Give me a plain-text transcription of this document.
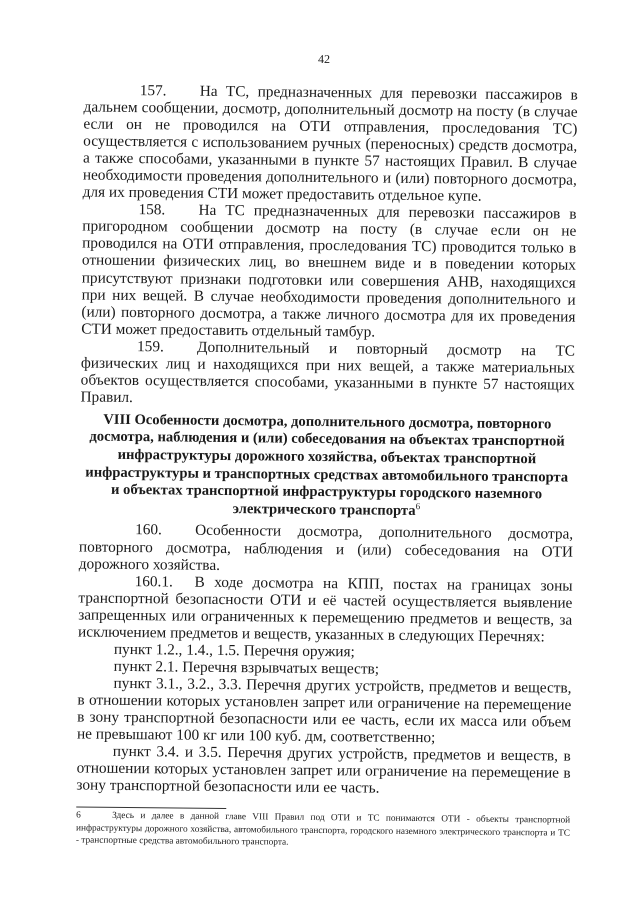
42

157. На ТС, предназначенных для перевозки пассажиров в дальнем сообщении, досмотр, дополнительный досмотр на посту (в случае если он не проводился на ОТИ отправления, проследования ТС) осуществляется с использованием ручных (переносных) средств досмотра, а также способами, указанными в пункте 57 настоящих Правил. В случае необходимости проведения дополнительного и (или) повторного досмотра, для их проведения СТИ может предоставить отдельное купе.

158. На ТС предназначенных для перевозки пассажиров в пригородном сообщении досмотр на посту (в случае если он не проводился на ОТИ отправления, проследования ТС) проводится только в отношении физических лиц, во внешнем виде и в поведении которых присутствуют признаки подготовки или совершения АНВ, находящихся при них вещей. В случае необходимости проведения дополнительного и (или) повторного досмотра, а также личного досмотра для их проведения СТИ может предоставить отдельный тамбур.

159. Дополнительный и повторный досмотр на ТС физических лиц и находящихся при них вещей, а также материальных объектов осуществляется способами, указанными в пункте 57 настоящих Правил.

VIII Особенности досмотра, дополнительного досмотра, повторного досмотра, наблюдения и (или) собеседования на объектах транспортной инфраструктуры дорожного хозяйства, объектах транспортной инфраструктуры и транспортных средствах автомобильного транспорта и объектах транспортной инфраструктуры городского наземного электрического транспорта$^6$

160. Особенности досмотра, дополнительного досмотра, повторного досмотра, наблюдения и (или) собеседования на ОТИ дорожного хозяйства.

160.1. В ходе досмотра на КПП, постах на границах зоны транспортной безопасности ОТИ и её частей осуществляется выявление запрещенных или ограниченных к перемещению предметов и веществ, за исключением предметов и веществ, указанных в следующих Перечнях:

пункт 1.2., 1.4., 1.5. Перечня оружия;

пункт 2.1. Перечня взрывчатых веществ;

пункт 3.1., 3.2., 3.3. Перечня других устройств, предметов и веществ, в отношении которых установлен запрет или ограничение на перемещение в зону транспортной безопасности или ее часть, если их масса или объем не превышают 100 кг или 100 куб. дм, соответственно;

пункт 3.4. и 3.5. Перечня других устройств, предметов и веществ, в отношении которых установлен запрет или ограничение на перемещение в зону транспортной безопасности или ее часть.

6	Здесь и далее в данной главе VIII Правил под ОТИ и ТС понимаются ОТИ - объекты транспортной инфраструктуры дорожного хозяйства, автомобильного транспорта, городского наземного электрического транспорта и ТС - транспортные средства автомобильного транспорта.
